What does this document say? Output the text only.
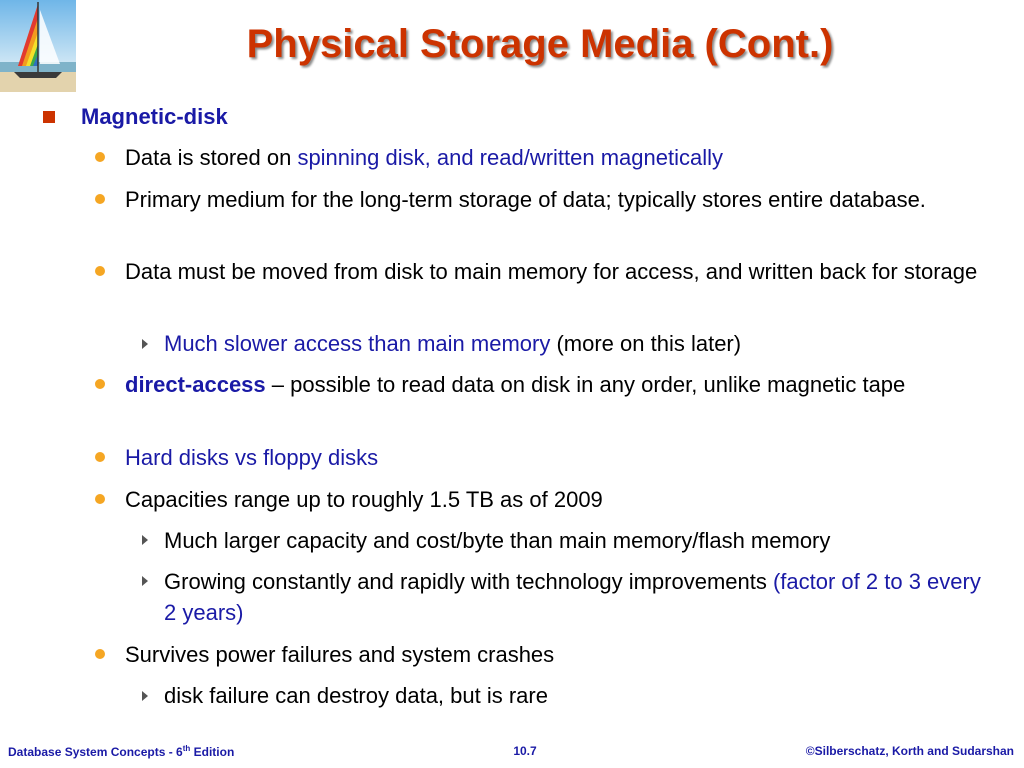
Physical Storage Media (Cont.)
Magnetic-disk
Data is stored on spinning disk, and read/written magnetically
Primary medium for the long-term storage of data; typically stores entire database.
Data must be moved from disk to main memory for access, and written back for storage
Much slower access than main memory (more on this later)
direct-access – possible to read data on disk in any order, unlike magnetic tape
Hard disks vs floppy disks
Capacities range up to roughly 1.5 TB as of 2009
Much larger capacity and cost/byte than main memory/flash memory
Growing constantly and rapidly with technology improvements (factor of 2 to 3 every 2 years)
Survives power failures and system crashes
disk failure can destroy data, but is rare
Database System Concepts - 6th Edition	10.7	©Silberschatz, Korth and Sudarshan
